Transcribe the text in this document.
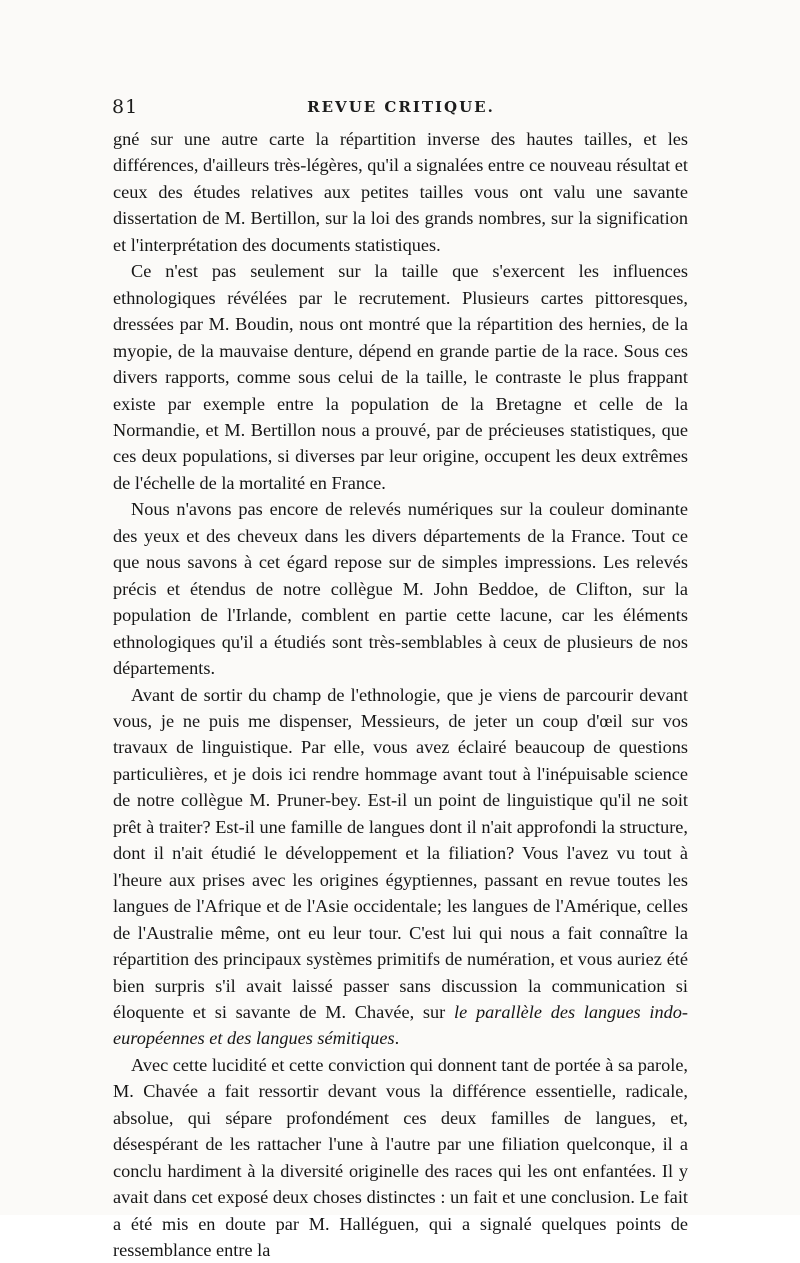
81	REVUE CRITIQUE.

gné sur une autre carte la répartition inverse des hautes tailles, et les différences, d'ailleurs très-légères, qu'il a signalées entre ce nouveau résultat et ceux des études relatives aux petites tailles vous ont valu une savante dissertation de M. Bertillon, sur la loi des grands nombres, sur la signification et l'interprétation des documents statistiques.

Ce n'est pas seulement sur la taille que s'exercent les influences ethnologiques révélées par le recrutement. Plusieurs cartes pittoresques, dressées par M. Boudin, nous ont montré que la répartition des hernies, de la myopie, de la mauvaise denture, dépend en grande partie de la race. Sous ces divers rapports, comme sous celui de la taille, le contraste le plus frappant existe par exemple entre la population de la Bretagne et celle de la Normandie, et M. Bertillon nous a prouvé, par de précieuses statistiques, que ces deux populations, si diverses par leur origine, occupent les deux extrêmes de l'échelle de la mortalité en France.

Nous n'avons pas encore de relevés numériques sur la couleur dominante des yeux et des cheveux dans les divers départements de la France. Tout ce que nous savons à cet égard repose sur de simples impressions. Les relevés précis et étendus de notre collègue M. John Beddoe, de Clifton, sur la population de l'Irlande, comblent en partie cette lacune, car les éléments ethnologiques qu'il a étudiés sont très-semblables à ceux de plusieurs de nos départements.

Avant de sortir du champ de l'ethnologie, que je viens de parcourir devant vous, je ne puis me dispenser, Messieurs, de jeter un coup d'œil sur vos travaux de linguistique. Par elle, vous avez éclairé beaucoup de questions particulières, et je dois ici rendre hommage avant tout à l'inépuisable science de notre collègue M. Pruner-bey. Est-il un point de linguistique qu'il ne soit prêt à traiter? Est-il une famille de langues dont il n'ait approfondi la structure, dont il n'ait étudié le développement et la filiation? Vous l'avez vu tout à l'heure aux prises avec les origines égyptiennes, passant en revue toutes les langues de l'Afrique et de l'Asie occidentale; les langues de l'Amérique, celles de l'Australie même, ont eu leur tour. C'est lui qui nous a fait connaître la répartition des principaux systèmes primitifs de numération, et vous auriez été bien surpris s'il avait laissé passer sans discussion la communication si éloquente et si savante de M. Chavée, sur le parallèle des langues indo-européennes et des langues sémitiques.

Avec cette lucidité et cette conviction qui donnent tant de portée à sa parole, M. Chavée a fait ressortir devant vous la différence essentielle, radicale, absolue, qui sépare profondément ces deux familles de langues, et, désespérant de les rattacher l'une à l'autre par une filiation quelconque, il a conclu hardiment à la diversité originelle des races qui les ont enfantées. Il y avait dans cet exposé deux choses distinctes : un fait et une conclusion. Le fait a été mis en doute par M. Halléguen, qui a signalé quelques points de ressemblance entre la
